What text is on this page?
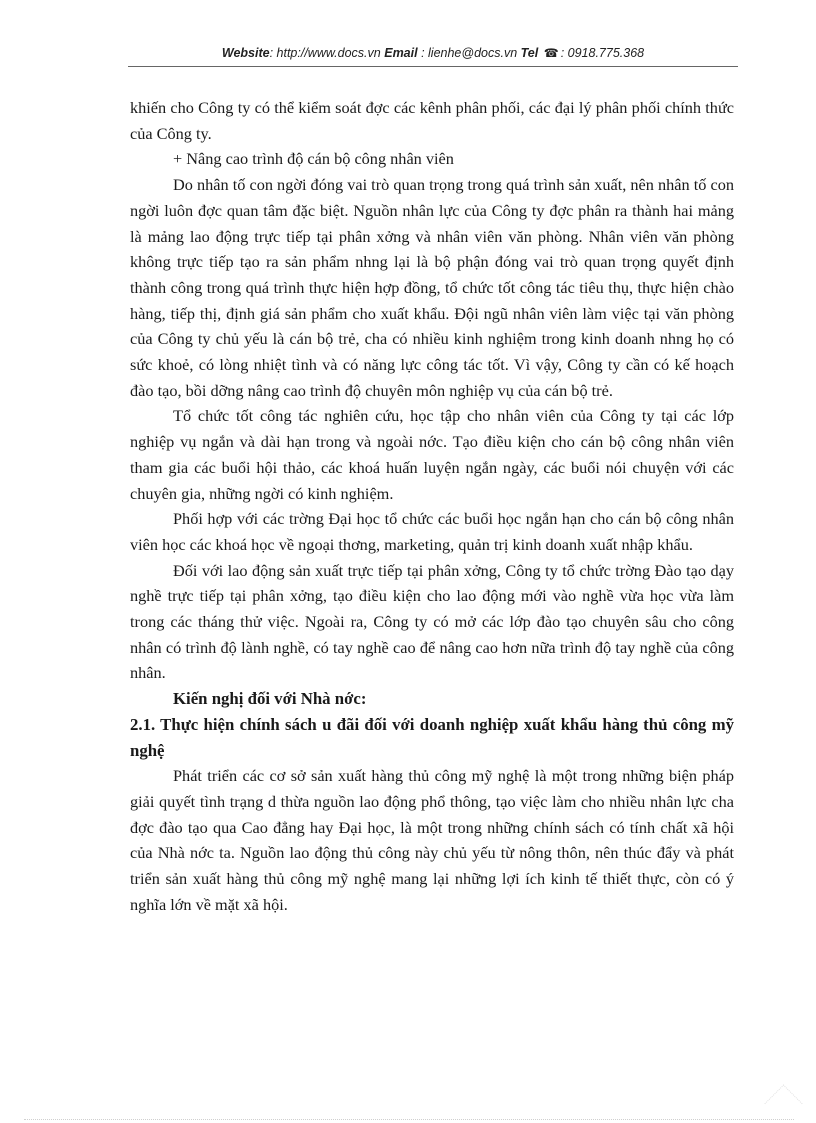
Website: http://www.docs.vn Email : lienhe@docs.vn Tel ☎ : 0918.775.368

khiến cho Công ty có thể kiểm soát đợc các kênh phân phối, các đại lý phân phối chính thức của Công ty.

+ Nâng cao trình độ cán bộ công nhân viên

Do nhân tố con ngời đóng vai trò quan trọng trong quá trình sản xuất, nên nhân tố con ngời luôn đợc quan tâm đặc biệt. Nguồn nhân lực của Công ty đợc phân ra thành hai mảng là mảng lao động trực tiếp tại phân xởng và nhân viên văn phòng. Nhân viên văn phòng không trực tiếp tạo ra sản phẩm nhng lại là bộ phận đóng vai trò quan trọng quyết định thành công trong quá trình thực hiện hợp đồng, tổ chức tốt công tác tiêu thụ, thực hiện chào hàng, tiếp thị, định giá sản phẩm cho xuất khẩu. Đội ngũ nhân viên làm việc tại văn phòng của Công ty chủ yếu là cán bộ trẻ, cha có nhiều kinh nghiệm trong kinh doanh nhng họ có sức khoẻ, có lòng nhiệt tình và có năng lực công tác tốt. Vì vậy, Công ty cần có kế hoạch đào tạo, bồi dỡng nâng cao trình độ chuyên môn nghiệp vụ của cán bộ trẻ.

Tổ chức tốt công tác nghiên cứu, học tập cho nhân viên của Công ty tại các lớp nghiệp vụ ngắn và dài hạn trong và ngoài nớc. Tạo điều kiện cho cán bộ công nhân viên tham gia các buổi hội thảo, các khoá huấn luyện ngắn ngày, các buổi nói chuyện với các chuyên gia, những ngời có kinh nghiệm.

Phối hợp với các trờng Đại học tổ chức các buổi học ngắn hạn cho cán bộ công nhân viên học các khoá học về ngoại thơng, marketing, quản trị kinh doanh xuất nhập khẩu.

Đối với lao động sản xuất trực tiếp tại phân xởng, Công ty tổ chức trờng Đào tạo dạy nghề trực tiếp tại phân xởng, tạo điều kiện cho lao động mới vào nghề vừa học vừa làm trong các tháng thử việc. Ngoài ra, Công ty có mở các lớp đào tạo chuyên sâu cho công nhân có trình độ lành nghề, có tay nghề cao để nâng cao hơn nữa trình độ tay nghề của công nhân.

Kiến nghị đối với Nhà nớc:

2.1. Thực hiện chính sách u đãi đối với doanh nghiệp xuất khẩu hàng thủ công mỹ nghệ

Phát triển các cơ sở sản xuất hàng thủ công mỹ nghệ là một trong những biện pháp giải quyết tình trạng d thừa nguồn lao động phổ thông, tạo việc làm cho nhiều nhân lực cha đợc đào tạo qua Cao đẳng hay Đại học, là một trong những chính sách có tính chất xã hội của Nhà nớc ta. Nguồn lao động thủ công này chủ yếu từ nông thôn, nên thúc đẩy và phát triển sản xuất hàng thủ công mỹ nghệ mang lại những lợi ích kinh tế thiết thực, còn có ý nghĩa lớn về mặt xã hội.
